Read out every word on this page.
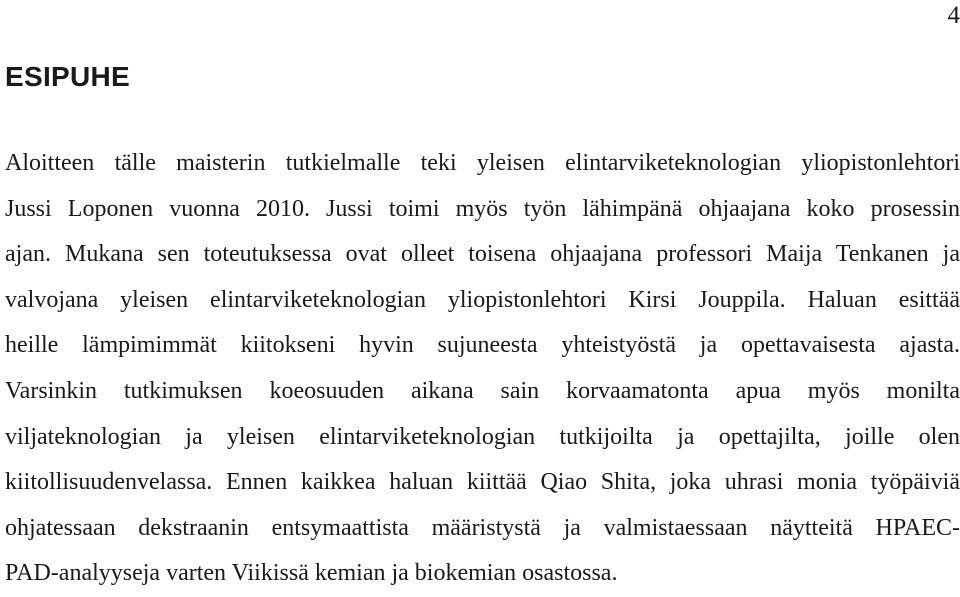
4
ESIPUHE
Aloitteen tälle maisterin tutkielmalle teki yleisen elintarviketeknologian yliopistonlehtori
Jussi Loponen vuonna 2010. Jussi toimi myös työn lähimpänä ohjaajana koko prosessin
ajan. Mukana sen toteutuksessa ovat olleet toisena ohjaajana professori Maija Tenkanen ja
valvojana yleisen elintarviketeknologian yliopistonlehtori Kirsi Jouppila. Haluan esittää
heille lämpimimmät kiitokseni hyvin sujuneesta yhteistyöstä ja opettavaisesta ajasta.
Varsinkin tutkimuksen koeosuuden aikana sain korvaamatonta apua myös monilta
viljateknologian ja yleisen elintarviketeknologian tutkijoilta ja opettajilta, joille olen
kiitollisuudenvelassa. Ennen kaikkea haluan kiittää Qiao Shita, joka uhrasi monia työpäiviä
ohjatessaan dekstraanin entsymaattista määristystä ja valmistaessaan näytteitä HPAEC-
PAD-analyyseja varten Viikissä kemian ja biokemian osastossa.
